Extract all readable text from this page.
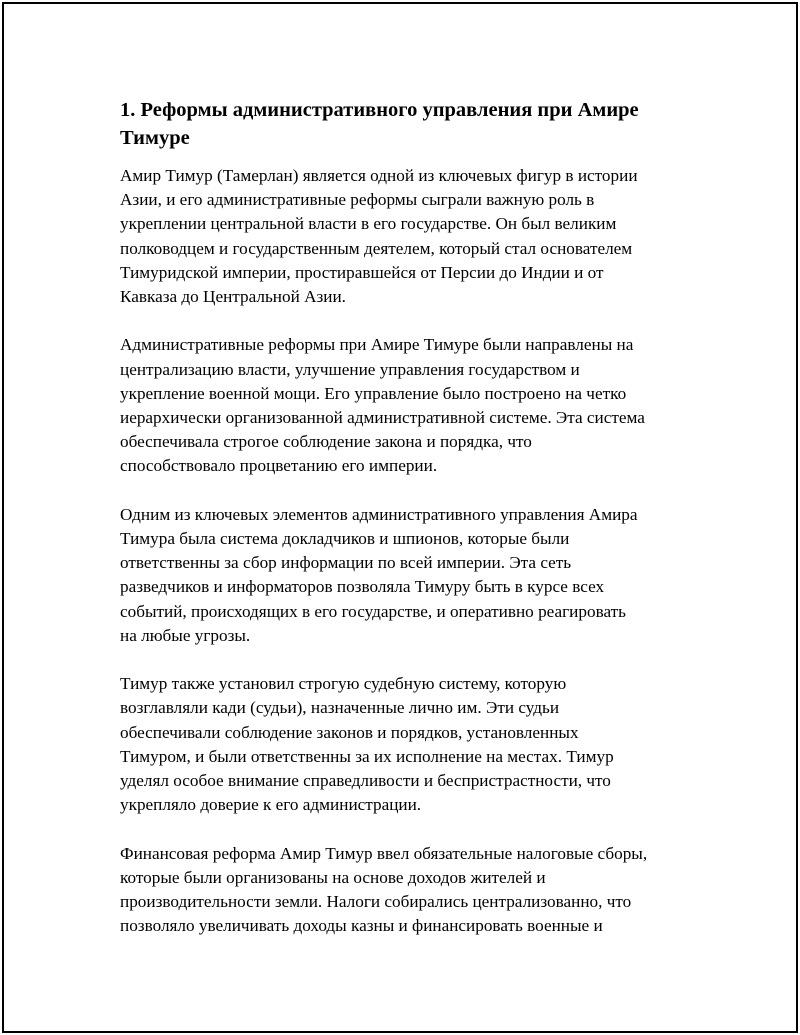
1. Реформы административного управления при Амире
Тимуре

Амир Тимур (Тамерлан) является одной из ключевых фигур в истории
Азии, и его административные реформы сыграли важную роль в
укреплении центральной власти в его государстве. Он был великим
полководцем и государственным деятелем, который стал основателем
Тимуридской империи, простиравшейся от Персии до Индии и от
Кавказа до Центральной Азии.

Административные реформы при Амире Тимуре были направлены на
централизацию власти, улучшение управления государством и
укрепление военной мощи. Его управление было построено на четко
иерархически организованной административной системе. Эта система
обеспечивала строгое соблюдение закона и порядка, что
способствовало процветанию его империи.

Одним из ключевых элементов административного управления Амира
Тимура была система докладчиков и шпионов, которые были
ответственны за сбор информации по всей империи. Эта сеть
разведчиков и информаторов позволяла Тимуру быть в курсе всех
событий, происходящих в его государстве, и оперативно реагировать
на любые угрозы.

Тимур также установил строгую судебную систему, которую
возглавляли кади (судьи), назначенные лично им. Эти судьи
обеспечивали соблюдение законов и порядков, установленных
Тимуром, и были ответственны за их исполнение на местах. Тимур
уделял особое внимание справедливости и беспристрастности, что
укрепляло доверие к его администрации.

Финансовая реформа Амир Тимур ввел обязательные налоговые сборы,
которые были организованы на основе доходов жителей и
производительности земли. Налоги собирались централизованно, что
позволяло увеличивать доходы казны и финансировать военные и
